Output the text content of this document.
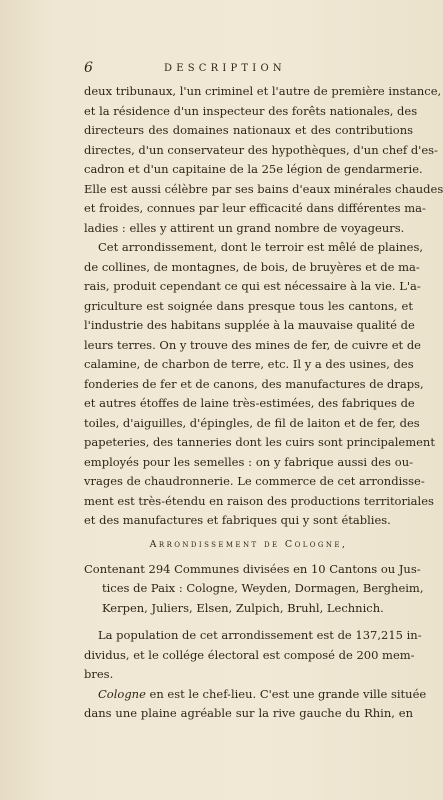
6	DESCRIPTION

deux tribunaux, l'un criminel et l'autre de première instance,

et la résidence d'un inspecteur des forêts nationales, des

directeurs des domaines nationaux et des contributions

directes, d'un conservateur des hypothèques, d'un chef d'es-

cadron et d'un capitaine de la 25e légion de gendarmerie.

Elle est aussi célèbre par ses bains d'eaux minérales chaudes

et froides, connues par leur efficacité dans différentes ma-

ladies : elles y attirent un grand nombre de voyageurs.

Cet arrondissement, dont le terroir est mêlé de plaines,

de collines, de montagnes, de bois, de bruyères et de ma-

rais, produit cependant ce qui est nécessaire à la vie. L'a-

griculture est soignée dans presque tous les cantons, et

l'industrie des habitans supplée à la mauvaise qualité de

leurs terres. On y trouve des mines de fer, de cuivre et de

calamine, de charbon de terre, etc. Il y a des usines, des

fonderies de fer et de canons, des manufactures de draps,

et autres étoffes de laine très-estimées, des fabriques de

toiles, d'aiguilles, d'épingles, de fil de laiton et de fer, des

papeteries, des tanneries dont les cuirs sont principalement

employés pour les semelles : on y fabrique aussi des ou-

vrages de chaudronnerie. Le commerce de cet arrondisse-

ment est très-étendu en raison des productions territoriales

et des manufactures et fabriques qui y sont établies.

Arrondissement de Cologne,

Contenant 294 Communes divisées en 10 Cantons ou Jus-

tices de Paix : Cologne, Weyden, Dormagen, Bergheim,

Kerpen, Juliers, Elsen, Zulpich, Bruhl, Lechnich.

La population de cet arrondissement est de 137,215 in-

dividus, et le collége électoral est composé de 200 mem-

bres.

Cologne en est le chef-lieu. C'est une grande ville située

dans une plaine agréable sur la rive gauche du Rhin, en
